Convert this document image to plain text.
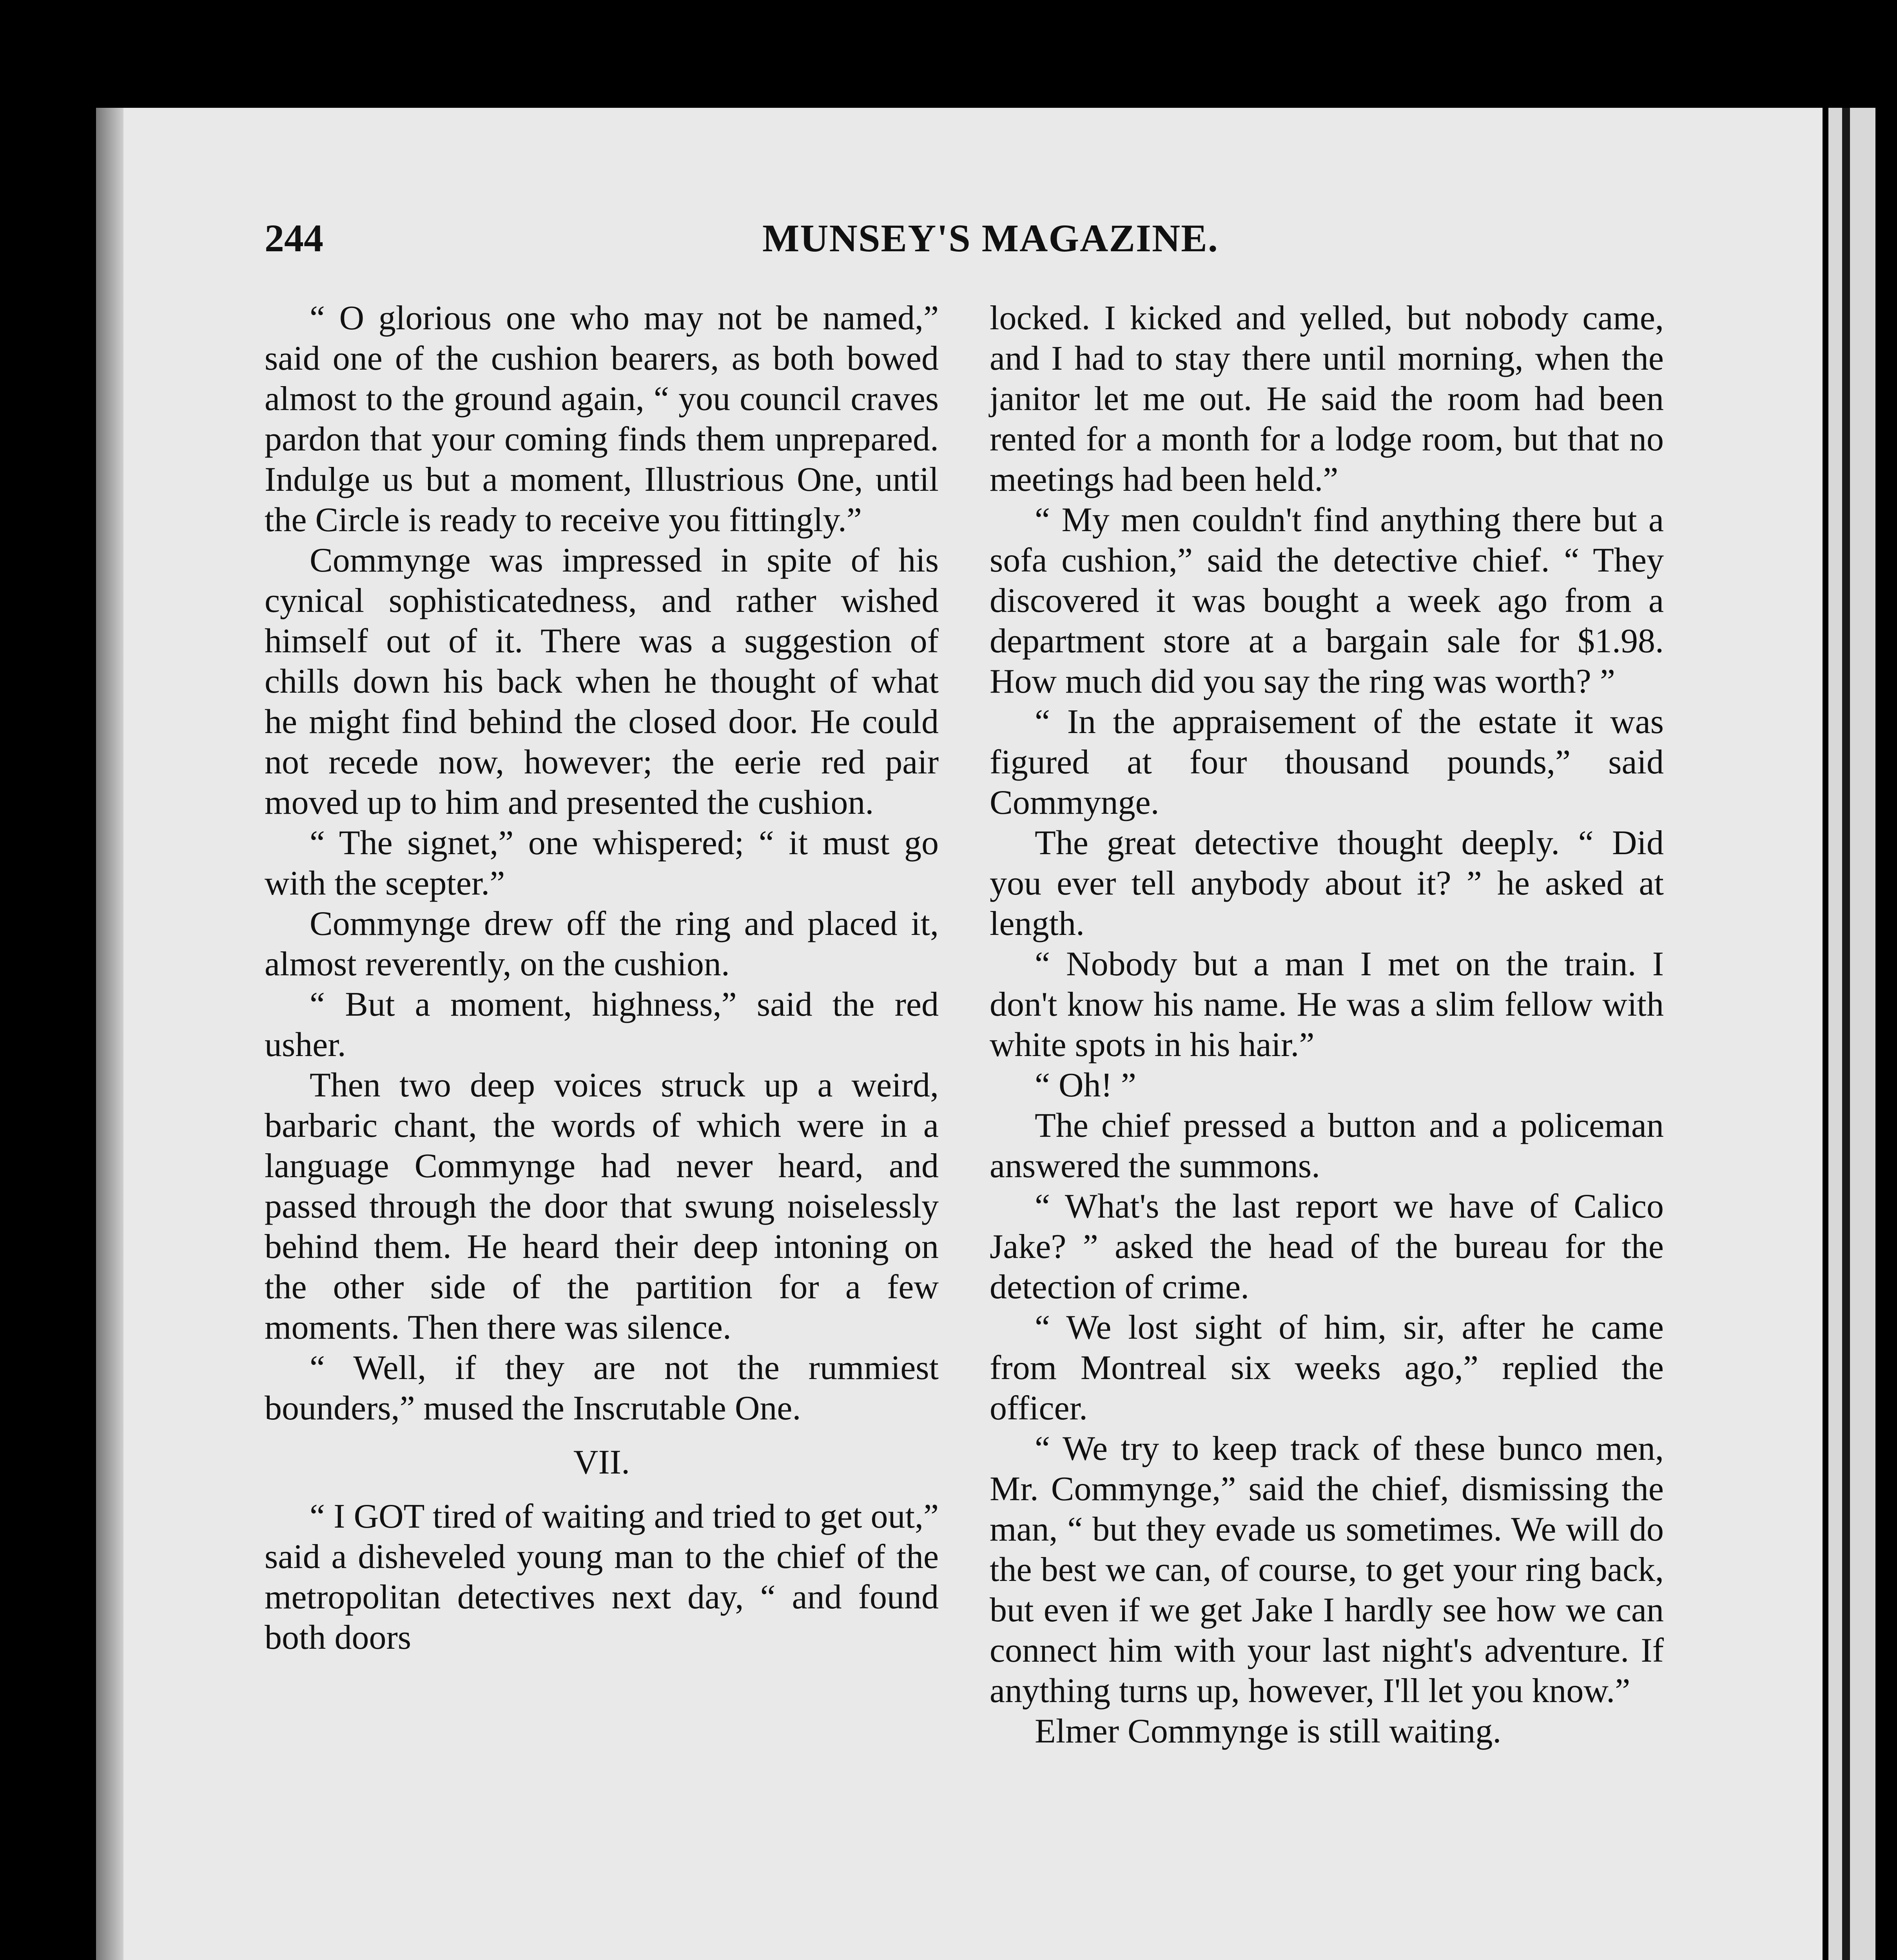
244	MUNSEY'S MAGAZINE.

“ O glorious one who may not be named,” said one of the cushion bearers, as both bowed almost to the ground again, “ you council craves pardon that your coming finds them unprepared. Indulge us but a moment, Illustrious One, until the Circle is ready to receive you fittingly.”

Commynge was impressed in spite of his cynical sophisticatedness, and rather wished himself out of it. There was a suggestion of chills down his back when he thought of what he might find behind the closed door. He could not recede now, however; the eerie red pair moved up to him and presented the cushion.

“ The signet,” one whispered; “ it must go with the scepter.”

Commynge drew off the ring and placed it, almost reverently, on the cushion.

“ But a moment, highness,” said the red usher.

Then two deep voices struck up a weird, barbaric chant, the words of which were in a language Commynge had never heard, and passed through the door that swung noiselessly behind them. He heard their deep intoning on the other side of the partition for a few moments. Then there was silence.

“ Well, if they are not the rummiest bounders,” mused the Inscrutable One.

VII.

“ I GOT tired of waiting and tried to get out,” said a disheveled young man to the chief of the metropolitan detectives next day, “ and found both doors

locked. I kicked and yelled, but nobody came, and I had to stay there until morning, when the janitor let me out. He said the room had been rented for a month for a lodge room, but that no meetings had been held.”

“ My men couldn't find anything there but a sofa cushion,” said the detective chief. “ They discovered it was bought a week ago from a department store at a bargain sale for $1.98. How much did you say the ring was worth? ”

“ In the appraisement of the estate it was figured at four thousand pounds,” said Commynge.

The great detective thought deeply. “ Did you ever tell anybody about it? ” he asked at length.

“ Nobody but a man I met on the train. I don't know his name. He was a slim fellow with white spots in his hair.”

“ Oh! ”

The chief pressed a button and a policeman answered the summons.

“ What's the last report we have of Calico Jake? ” asked the head of the bureau for the detection of crime.

“ We lost sight of him, sir, after he came from Montreal six weeks ago,” replied the officer.

“ We try to keep track of these bunco men, Mr. Commynge,” said the chief, dismissing the man, “ but they evade us sometimes. We will do the best we can, of course, to get your ring back, but even if we get Jake I hardly see how we can connect him with your last night's adventure. If anything turns up, however, I'll let you know.”

Elmer Commynge is still waiting.
